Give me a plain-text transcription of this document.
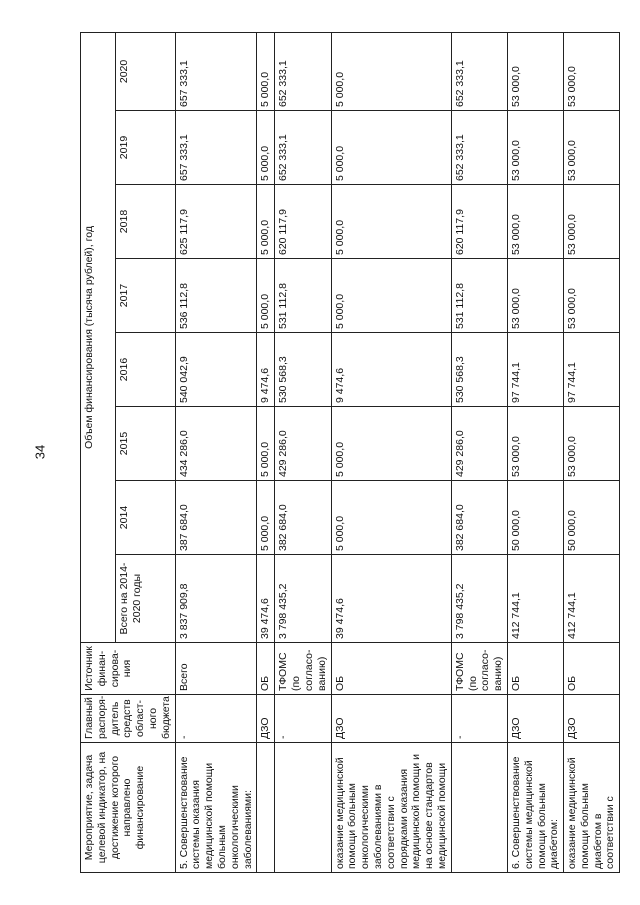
34
Мероприятие, задача целевой индикатор, на достижение которого направлено финансирование	Главный распоря-дитель средств област-ного бюджета	Источник финан-сирова-ния	Объем финансирования (тысяча рублей), год							
			Всего на 2014-2020 годы	2014	2015	2016	2017	2018	2019	2020
5. Совершенствование системы оказания медицинской помощи больным онкологическими заболеваниями:	-	Всего	3 837 909,8	387 684,0	434 286,0	540 042,9	536 112,8	625 117,9	657 333,1	657 333,1
	ДЗО	ОБ	39 474,6	5 000,0	5 000,0	9 474,6	5 000,0	5 000,0	5 000,0	5 000,0
	-	ТФОМС (по согласо-ванию)	3 798 435,2	382 684,0	429 286,0	530 568,3	531 112,8	620 117,9	652 333,1	652 333,1
оказание медицинской помощи больным онкологическими заболеваниями в соответствии с порядками оказания медицинской помощи и на основе стандартов медицинской помощи	ДЗО	ОБ	39 474,6	5 000,0	5 000,0	9 474,6	5 000,0	5 000,0	5 000,0	5 000,0
	-	ТФОМС (по согласо-ванию)	3 798 435,2	382 684,0	429 286,0	530 568,3	531 112,8	620 117,9	652 333,1	652 333,1
6. Совершенствование системы медицинской помощи больным диабетом:	ДЗО	ОБ	412 744,1	50 000,0	53 000,0	97 744,1	53 000,0	53 000,0	53 000,0	53 000,0
оказание медицинской помощи больным диабетом в соответствии с	ДЗО	ОБ	412 744,1	50 000,0	53 000,0	97 744,1	53 000,0	53 000,0	53 000,0	53 000,0
